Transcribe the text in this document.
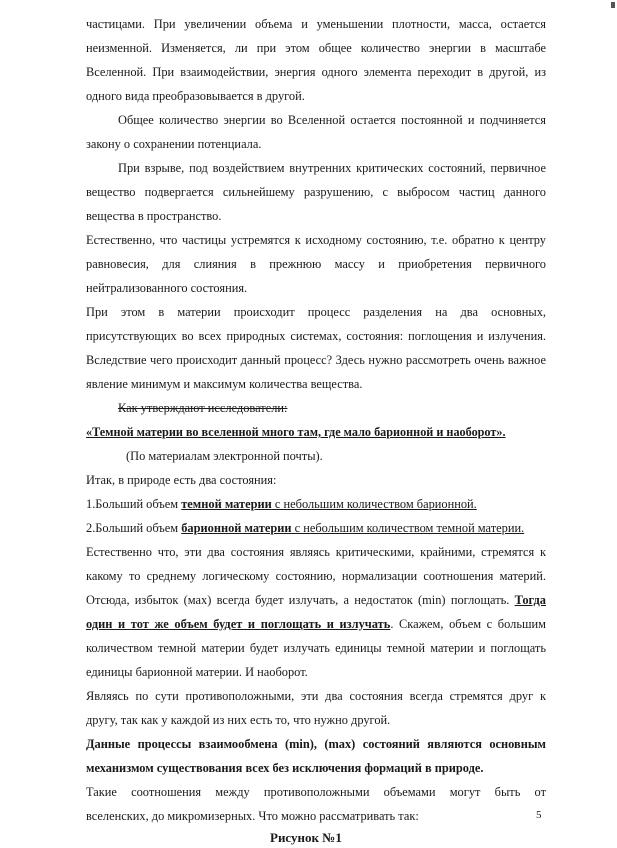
частицами. При увеличении объема и уменьшении плотности, масса, остается
неизменной. Изменяется, ли при этом общее количество энергии в масштабе
Вселенной. При взаимодействии, энергия одного элемента переходит в другой, из
одного вида преобразовывается в другой.
Общее количество энергии во Вселенной остается постоянной и подчиняется
закону о сохранении потенциала.
При взрыве, под воздействием внутренних критических состояний, первичное
вещество подвергается сильнейшему разрушению, с выбросом частиц данного
вещества в пространство.
Естественно, что частицы устремятся к исходному состоянию, т.е. обратно к центру
равновесия, для слияния в прежнюю массу и приобретения первичного
нейтрализованного состояния.
При этом в материи происходит процесс разделения на два основных,
присутствующих во всех природных системах, состояния: поглощения и излучения.
Вследствие чего происходит данный процесс? Здесь нужно рассмотреть очень важное
явление минимум и максимум количества вещества.
Как утверждают исследователи:
«Темной материи во вселенной много там, где мало барионной и наоборот».
(По материалам электронной почты).
Итак, в природе есть два состояния:
1.Больший объем темной материи с небольшим количеством барионной.
2.Больший объем барионной материи с небольшим количеством темной материи.
Естественно что, эти два состояния являясь критическими, крайними, стремятся к
какому то среднему логическому состоянию, нормализации соотношения материй.
Отсюда, избыток (мах) всегда будет излучать, а недостаток (min) поглощать. Тогда
один и тот же объем будет и поглощать и излучать. Скажем, объем с большим
количеством темной материи будет излучать единицы темной материи и поглощать
единицы барионной материи. И наоборот.
Являясь по сути противоположными, эти два состояния всегда стремятся друг к
другу, так как у каждой из них есть то, что нужно другой.
Данные процессы взаимообмена (min), (max) состояний являются основным
механизмом существования всех без исключения формаций в природе.
Такие соотношения между противоположными объемами могут быть от
вселенских, до микромизерных. Что можно рассматривать так:
Рисунок №1
5
